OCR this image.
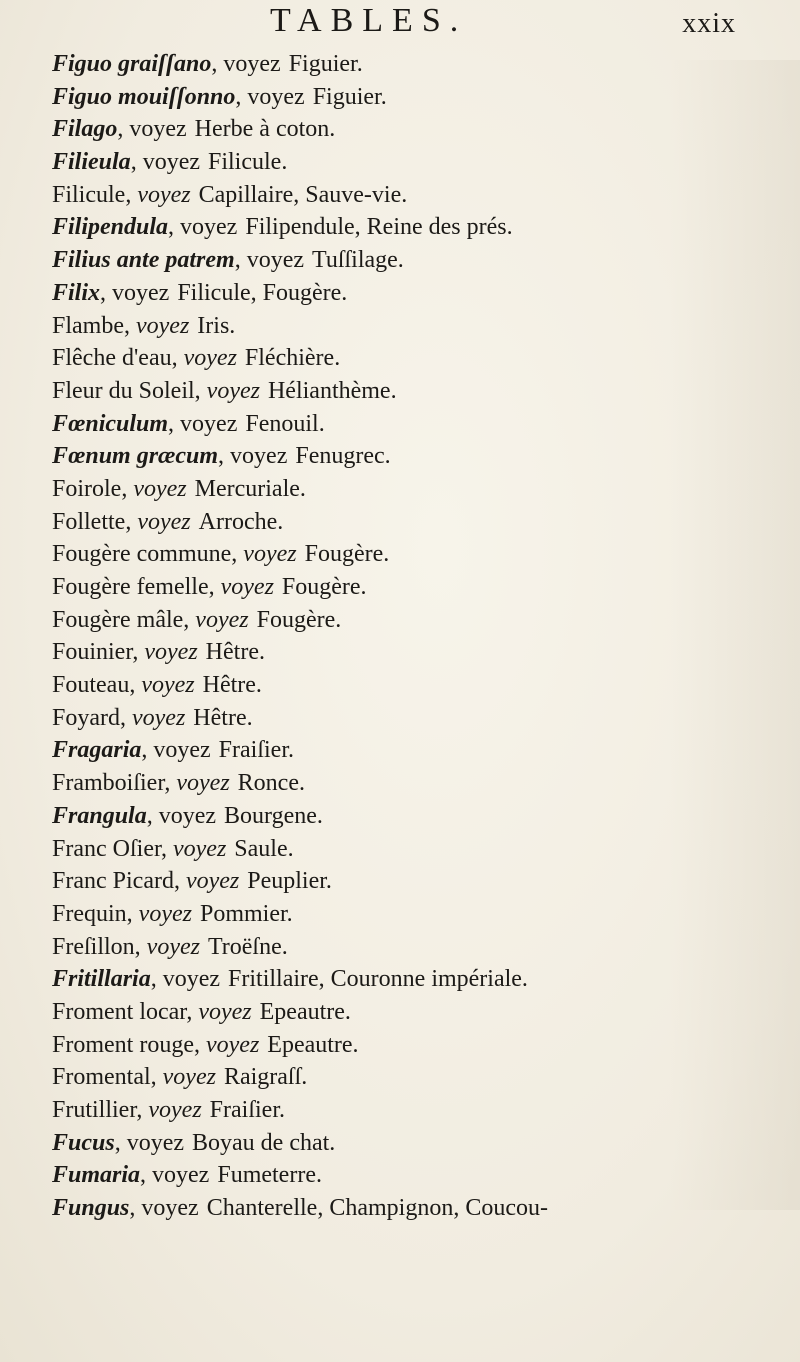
TABLES.	xxix
Figuo graiſſano, voyez Figuier.
Figuo mouiſſonno, voyez Figuier.
Filago, voyez Herbe à coton.
Filieula, voyez Filicule.
Filicule, voyez Capillaire, Sauve-vie.
Filipendula, voyez Filipendule, Reine des prés.
Filius ante patrem, voyez Tuſſilage.
Filix, voyez Filicule, Fougère.
Flambe, voyez Iris.
Flêche d'eau, voyez Fléchière.
Fleur du Soleil, voyez Hélianthème.
Fœniculum, voyez Fenouil.
Fœnum græcum, voyez Fenugrec.
Foirole, voyez Mercuriale.
Follette, voyez Arroche.
Fougère commune, voyez Fougère.
Fougère femelle, voyez Fougère.
Fougère mâle, voyez Fougère.
Fouinier, voyez Hêtre.
Fouteau, voyez Hêtre.
Foyard, voyez Hêtre.
Fragaria, voyez Fraiſier.
Framboiſier, voyez Ronce.
Frangula, voyez Bourgene.
Franc Oſier, voyez Saule.
Franc Picard, voyez Peuplier.
Frequin, voyez Pommier.
Freſillon, voyez Troëſne.
Fritillaria, voyez Fritillaire, Couronne impériale.
Froment locar, voyez Epeautre.
Froment rouge, voyez Epeautre.
Fromental, voyez Raigraſſ.
Frutillier, voyez Fraiſier.
Fucus, voyez Boyau de chat.
Fumaria, voyez Fumeterre.
Fungus, voyez Chanterelle, Champignon, Coucou-
